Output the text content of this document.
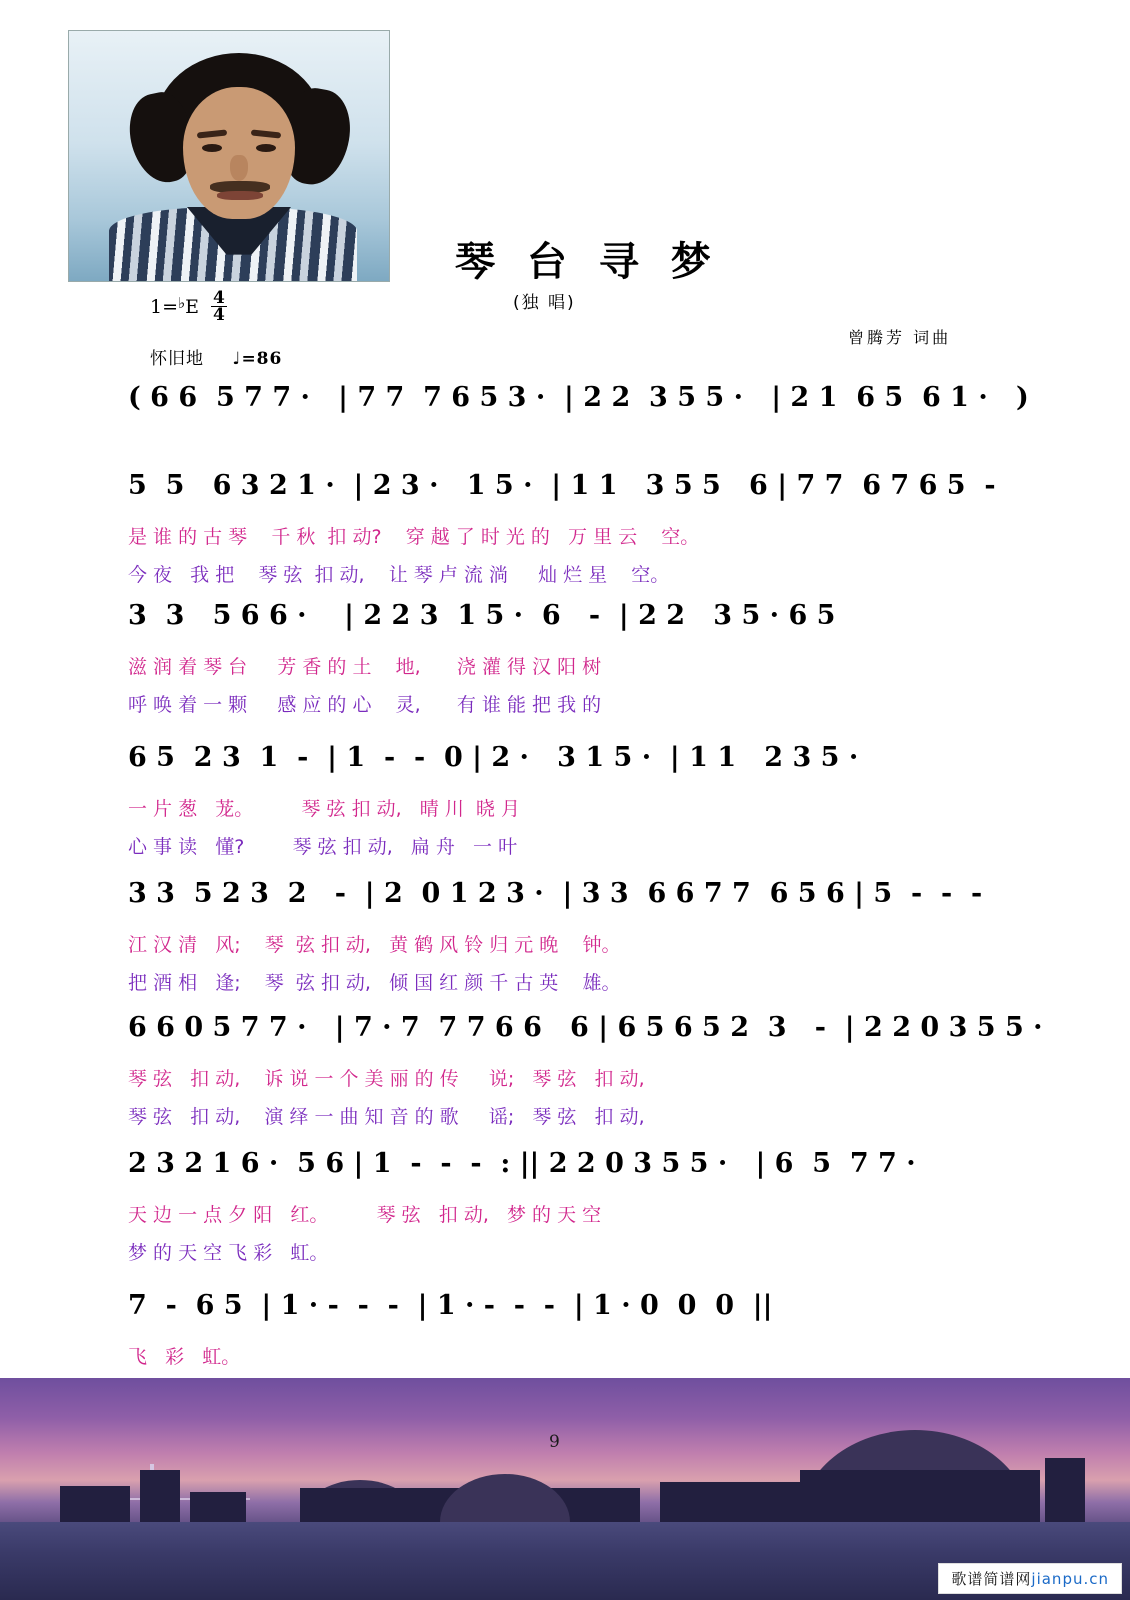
琴 台 寻 梦
(独 唱)
曾腾芳 词曲
$1=^♭E \frac{4}{4}$
怀旧地 ♩=86
( 6 6  5 7 7 ·   | 7 7  7 6 5 3 ·  | 2 2  3 5 5 ·   | 2 1  6 5  6 1 ·   )
5  5   6 3 2 1 ·  | 2 3 ·   1 5 ·  | 1 1   3 5 5   6 | 7 7  6 7 6 5  -
是 谁 的 古 琴    千 秋  扣 动?    穿 越 了 时 光 的   万 里 云    空。
今 夜   我 把    琴 弦  扣 动,    让 琴 卢 流 淌     灿 烂 星    空。
3  3   5 6 6 ·    | 2 2 3  1 5 ·  6   -  | 2 2   3 5 · 6 5
滋 润 着 琴 台     芳 香 的 土    地,      浇 灌 得 汉 阳 树
呼 唤 着 一 颗     感 应 的 心    灵,      有 谁 能 把 我 的
6 5  2 3  1  -  | 1  -  -  0 | 2 ·   3 1 5 ·  | 1 1   2 3 5 ·
一 片 葱   茏。        琴 弦 扣 动,   晴 川  晓 月
心 事 读   懂?        琴 弦 扣 动,   扁 舟   一 叶
3 3  5 2 3  2   -  | 2  0 1 2 3 ·  | 3 3  6 6 7 7  6 5 6 | 5  -  -  -
江 汉 清   风;    琴  弦 扣 动,   黄 鹤 风 铃 归 元 晚    钟。
把 酒 相   逢;    琴  弦 扣 动,   倾 国 红 颜 千 古 英    雄。
6 6 0 5 7 7 ·   | 7 · 7  7 7 6 6   6 | 6 5 6 5 2  3   -  | 2 2 0 3 5 5 ·
琴 弦   扣 动,    诉 说 一 个 美 丽 的 传     说;   琴 弦   扣 动,
琴 弦   扣 动,    演 绎 一 曲 知 音 的 歌     谣;   琴 弦   扣 动,
2 3 2 1 6 ·  5 6 | 1  -  -  -  : || 2 2 0 3 5 5 ·   | 6  5  7 7 ·
天 边 一 点 夕 阳   红。        琴 弦   扣 动,   梦 的 天 空
梦 的 天 空 飞 彩   虹。
7  -  6 5  | 1 · -  -  -  | 1 · -  -  -  | 1 · 0  0  0  ||
飞   彩   虹。
9
歌谱简谱网jianpu.cn
